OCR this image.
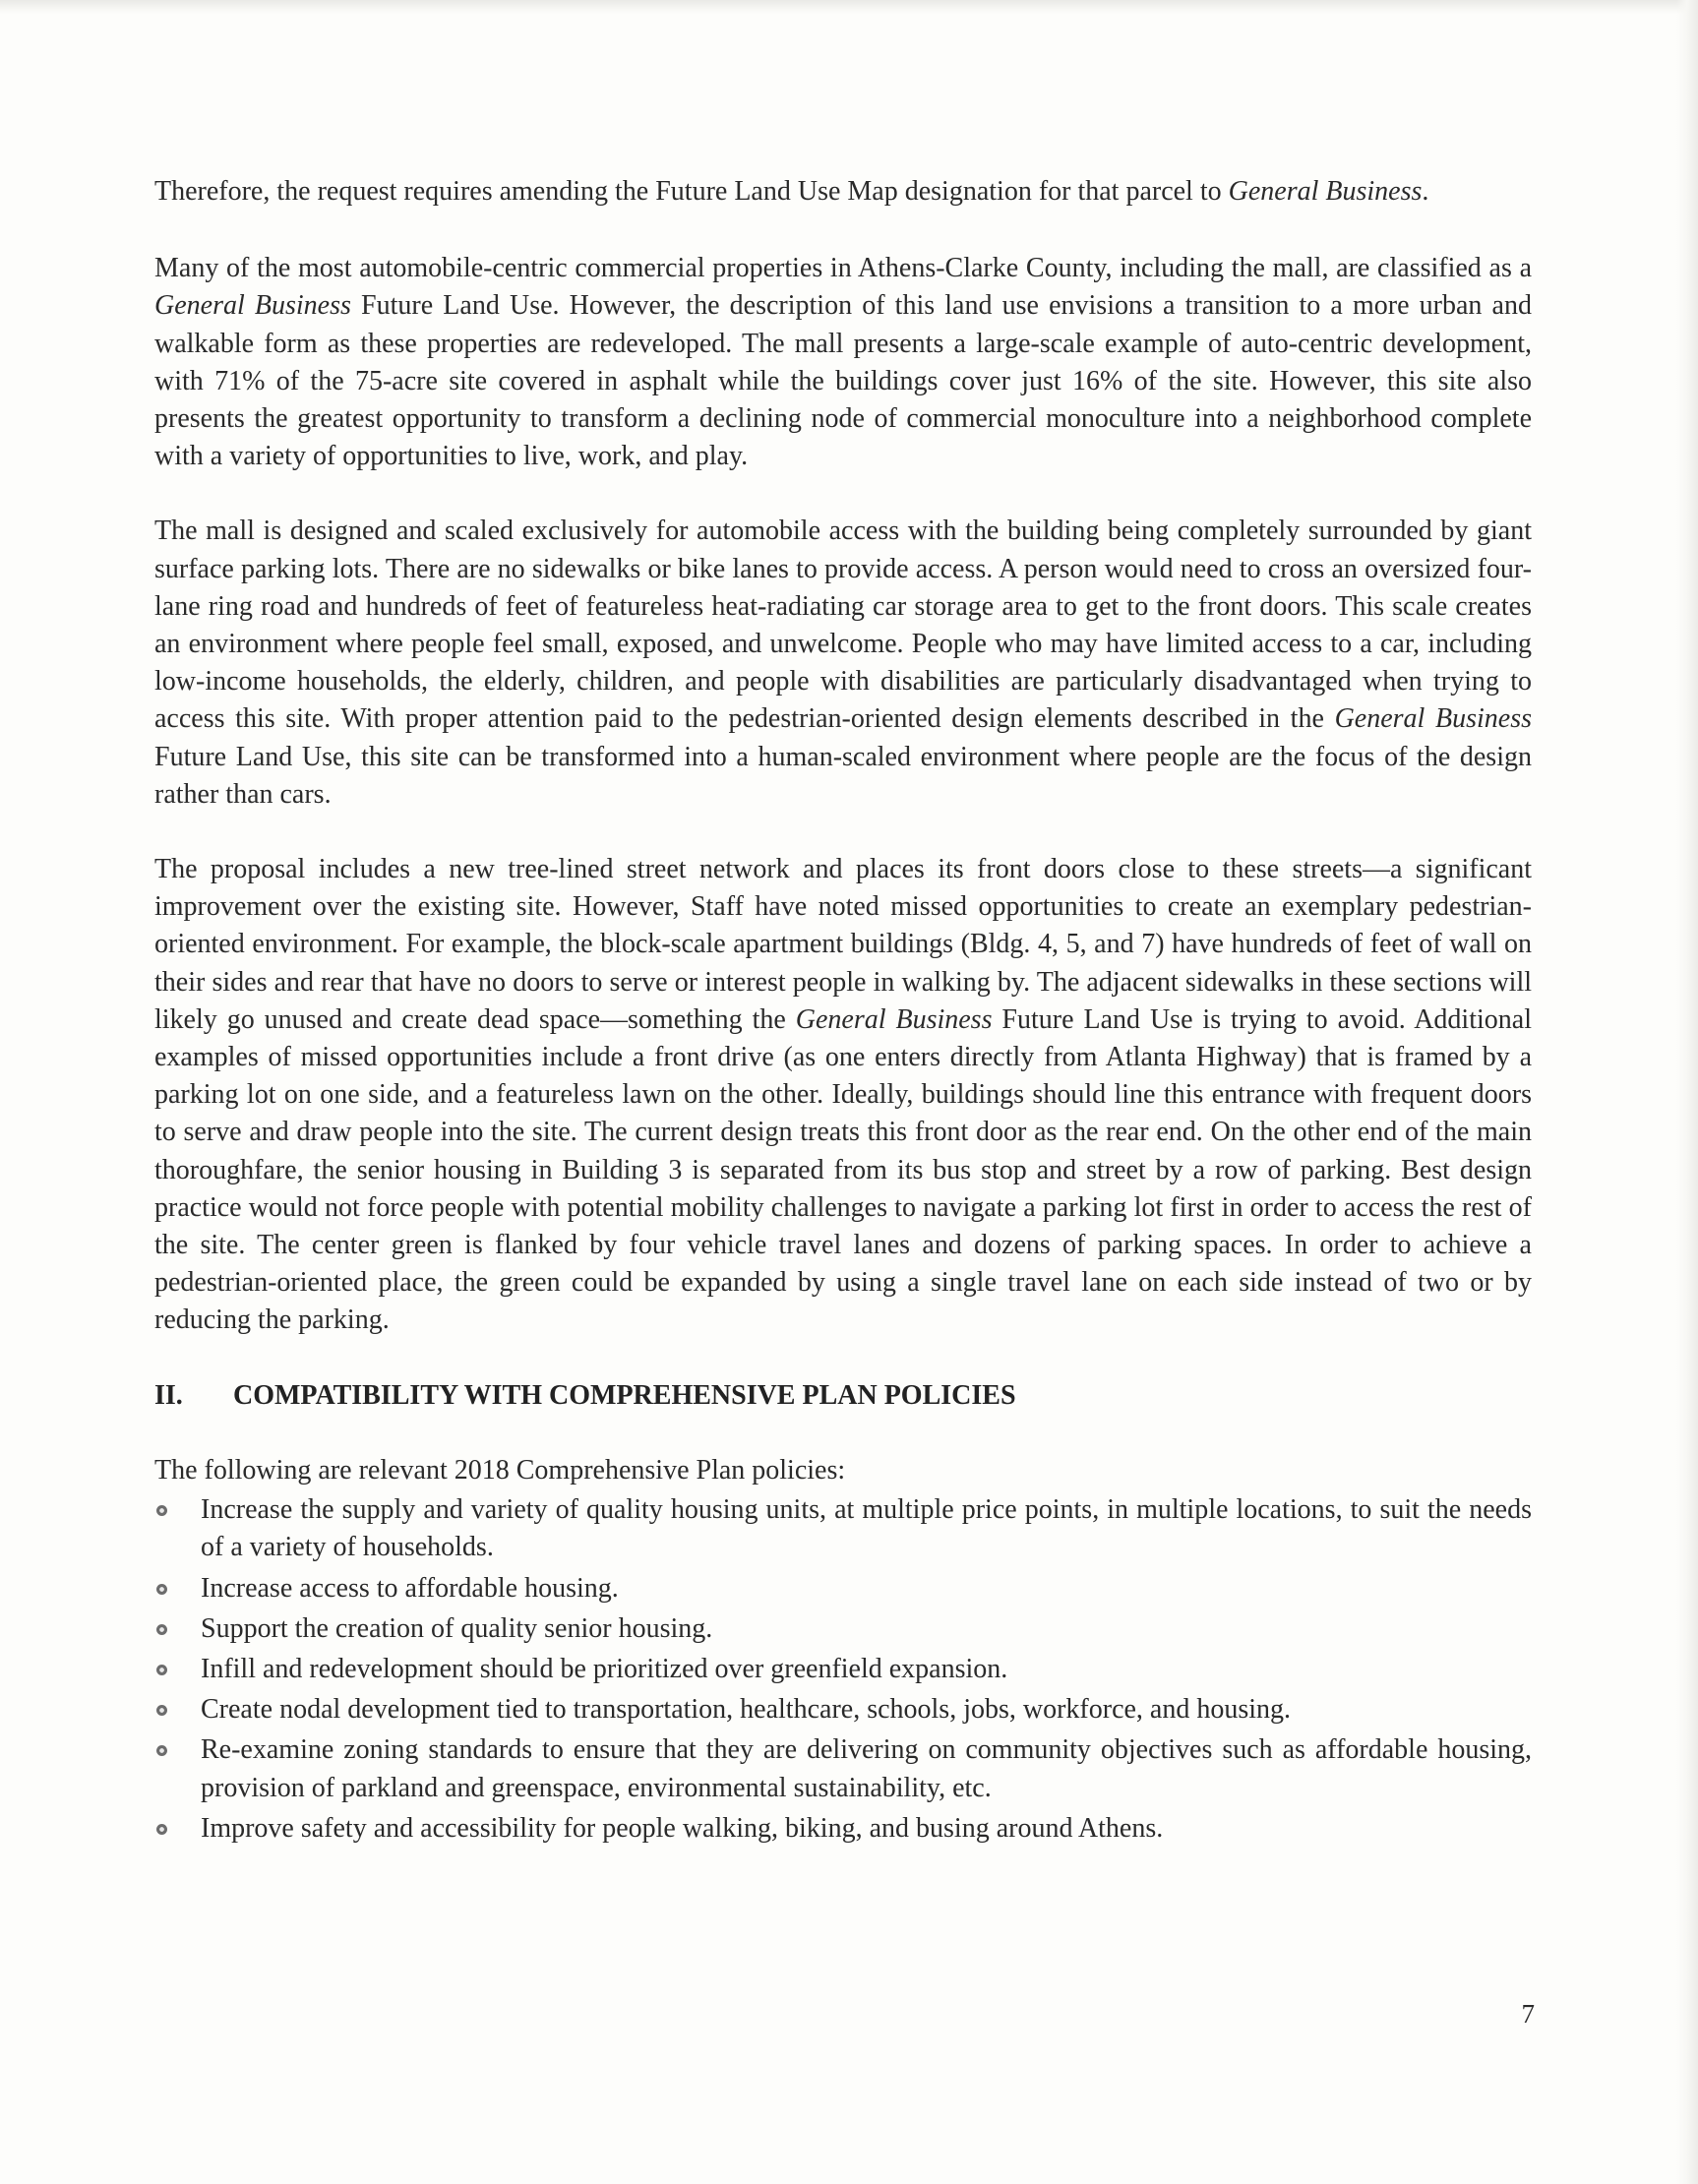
Therefore, the request requires amending the Future Land Use Map designation for that parcel to General Business.

Many of the most automobile-centric commercial properties in Athens-Clarke County, including the mall, are classified as a General Business Future Land Use. However, the description of this land use envisions a transition to a more urban and walkable form as these properties are redeveloped. The mall presents a large-scale example of auto-centric development, with 71% of the 75-acre site covered in asphalt while the buildings cover just 16% of the site. However, this site also presents the greatest opportunity to transform a declining node of commercial monoculture into a neighborhood complete with a variety of opportunities to live, work, and play.

The mall is designed and scaled exclusively for automobile access with the building being completely surrounded by giant surface parking lots. There are no sidewalks or bike lanes to provide access. A person would need to cross an oversized four-lane ring road and hundreds of feet of featureless heat-radiating car storage area to get to the front doors. This scale creates an environment where people feel small, exposed, and unwelcome. People who may have limited access to a car, including low-income households, the elderly, children, and people with disabilities are particularly disadvantaged when trying to access this site. With proper attention paid to the pedestrian-oriented design elements described in the General Business Future Land Use, this site can be transformed into a human-scaled environment where people are the focus of the design rather than cars.

The proposal includes a new tree-lined street network and places its front doors close to these streets—a significant improvement over the existing site. However, Staff have noted missed opportunities to create an exemplary pedestrian-oriented environment. For example, the block-scale apartment buildings (Bldg. 4, 5, and 7) have hundreds of feet of wall on their sides and rear that have no doors to serve or interest people in walking by. The adjacent sidewalks in these sections will likely go unused and create dead space—something the General Business Future Land Use is trying to avoid. Additional examples of missed opportunities include a front drive (as one enters directly from Atlanta Highway) that is framed by a parking lot on one side, and a featureless lawn on the other. Ideally, buildings should line this entrance with frequent doors to serve and draw people into the site. The current design treats this front door as the rear end. On the other end of the main thoroughfare, the senior housing in Building 3 is separated from its bus stop and street by a row of parking. Best design practice would not force people with potential mobility challenges to navigate a parking lot first in order to access the rest of the site. The center green is flanked by four vehicle travel lanes and dozens of parking spaces. In order to achieve a pedestrian-oriented place, the green could be expanded by using a single travel lane on each side instead of two or by reducing the parking.

II.	COMPATIBILITY WITH COMPREHENSIVE PLAN POLICIES

The following are relevant 2018 Comprehensive Plan policies:

Increase the supply and variety of quality housing units, at multiple price points, in multiple locations, to suit the needs of a variety of households.
Increase access to affordable housing.
Support the creation of quality senior housing.
Infill and redevelopment should be prioritized over greenfield expansion.
Create nodal development tied to transportation, healthcare, schools, jobs, workforce, and housing.
Re-examine zoning standards to ensure that they are delivering on community objectives such as affordable housing, provision of parkland and greenspace, environmental sustainability, etc.
Improve safety and accessibility for people walking, biking, and busing around Athens.
7
